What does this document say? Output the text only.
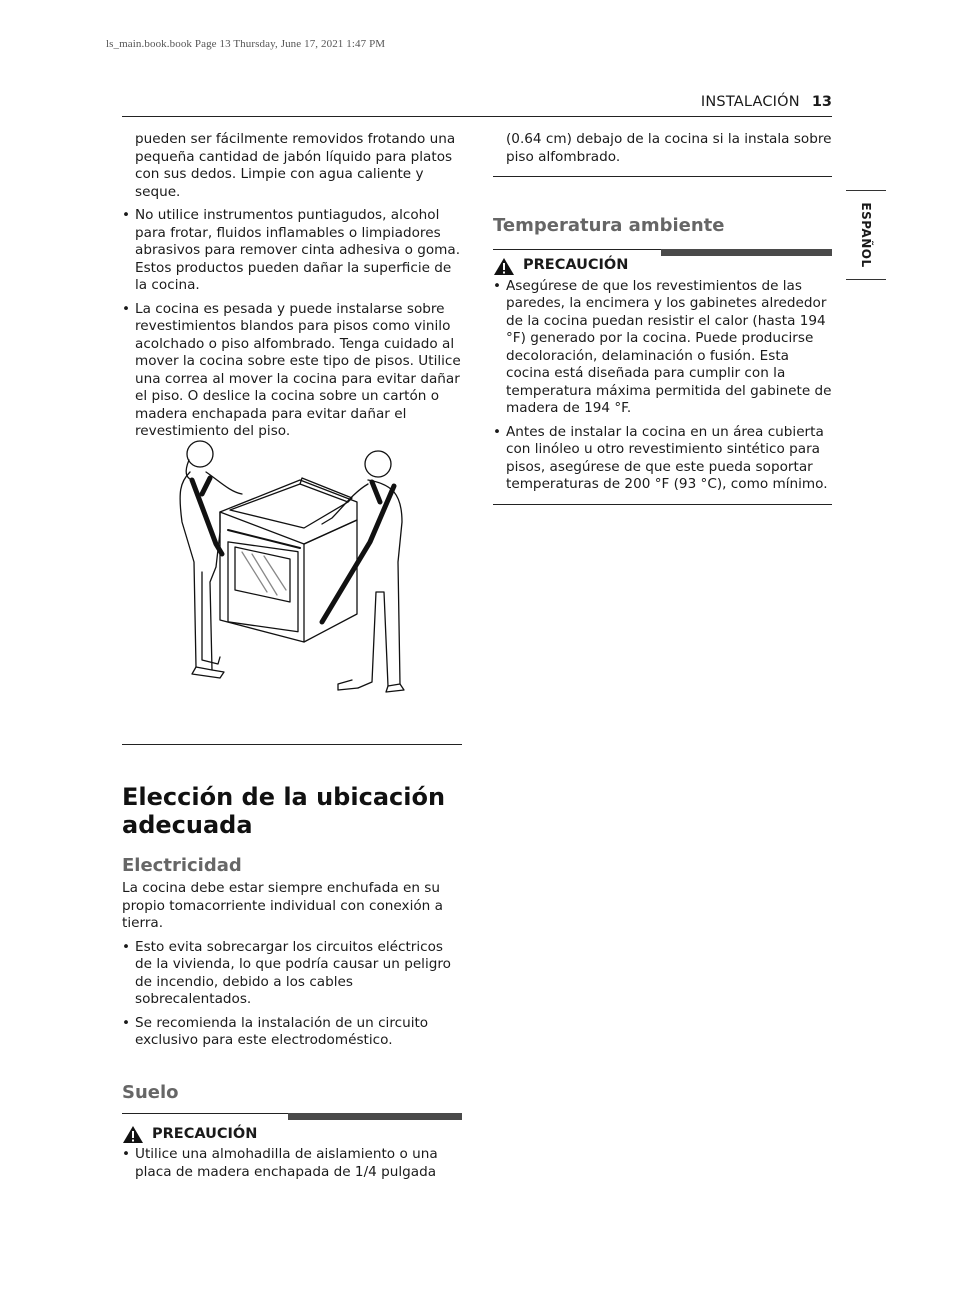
ls_main.book.book Page 13 Thursday, June 17, 2021 1:47 PM
INSTALACIÓN 13
ESPAÑOL

pueden ser fácilmente removidos frotando una pequeña cantidad de jabón líquido para platos con sus dedos. Limpie con agua caliente y seque.

• No utilice instrumentos puntiagudos, alcohol para frotar, fluidos inflamables o limpiadores abrasivos para remover cinta adhesiva o goma. Estos productos pueden dañar la superficie de la cocina.
• La cocina es pesada y puede instalarse sobre revestimientos blandos para pisos como vinilo acolchado o piso alfombrado. Tenga cuidado al mover la cocina sobre este tipo de pisos. Utilice una correa al mover la cocina para evitar dañar el piso. O deslice la cocina sobre un cartón o madera enchapada para evitar dañar el revestimiento del piso.
Elección de la ubicación adecuada
Electricidad

La cocina debe estar siempre enchufada en su propio tomacorriente individual con conexión a tierra.

• Esto evita sobrecargar los circuitos eléctricos de la vivienda, lo que podría causar un peligro de incendio, debido a los cables sobrecalentados.
• Se recomienda la instalación de un circuito exclusivo para este electrodoméstico.
Suelo
PRECAUCIÓN
• Utilice una almohadilla de aislamiento o una placa de madera enchapada de 1/4 pulgada

(0.64 cm) debajo de la cocina si la instala sobre piso alfombrado.

Temperatura ambiente
PRECAUCIÓN
• Asegúrese de que los revestimientos de las paredes, la encimera y los gabinetes alrededor de la cocina puedan resistir el calor (hasta 194 °F) generado por la cocina. Puede producirse decoloración, delaminación o fusión. Esta cocina está diseñada para cumplir con la temperatura máxima permitida del gabinete de madera de 194 °F.
• Antes de instalar la cocina en un área cubierta con linóleo u otro revestimiento sintético para pisos, asegúrese de que este pueda soportar temperaturas de 200 °F (93 °C), como mínimo.
